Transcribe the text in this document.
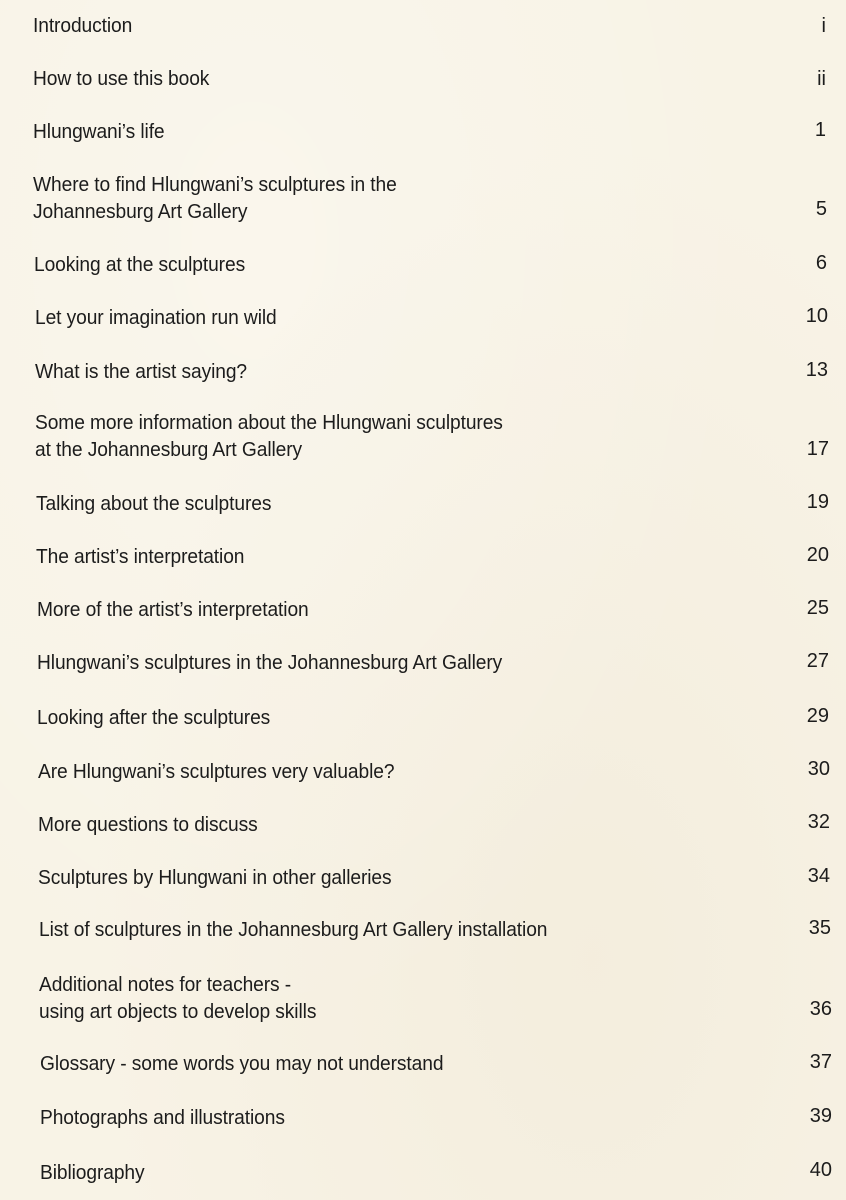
Introduction	i
How to use this book	ii
Hlungwani’s life	1
Where to find Hlungwani’s sculptures in the
Johannesburg Art Gallery	5
Looking at the sculptures	6
Let your imagination run wild	10
What is the artist saying?	13
Some more information about the Hlungwani sculptures
at the Johannesburg Art Gallery	17
Talking about the sculptures	19
The artist’s interpretation	20
More of the artist’s interpretation	25
Hlungwani’s sculptures in the Johannesburg Art Gallery	27
Looking after the sculptures	29
Are Hlungwani’s sculptures very valuable?	30
More questions to discuss	32
Sculptures by Hlungwani in other galleries	34
List of sculptures in the Johannesburg Art Gallery installation	35
Additional notes for teachers -
using art objects to develop skills	36
Glossary - some words you may not understand	37
Photographs and illustrations	39
Bibliography	40
